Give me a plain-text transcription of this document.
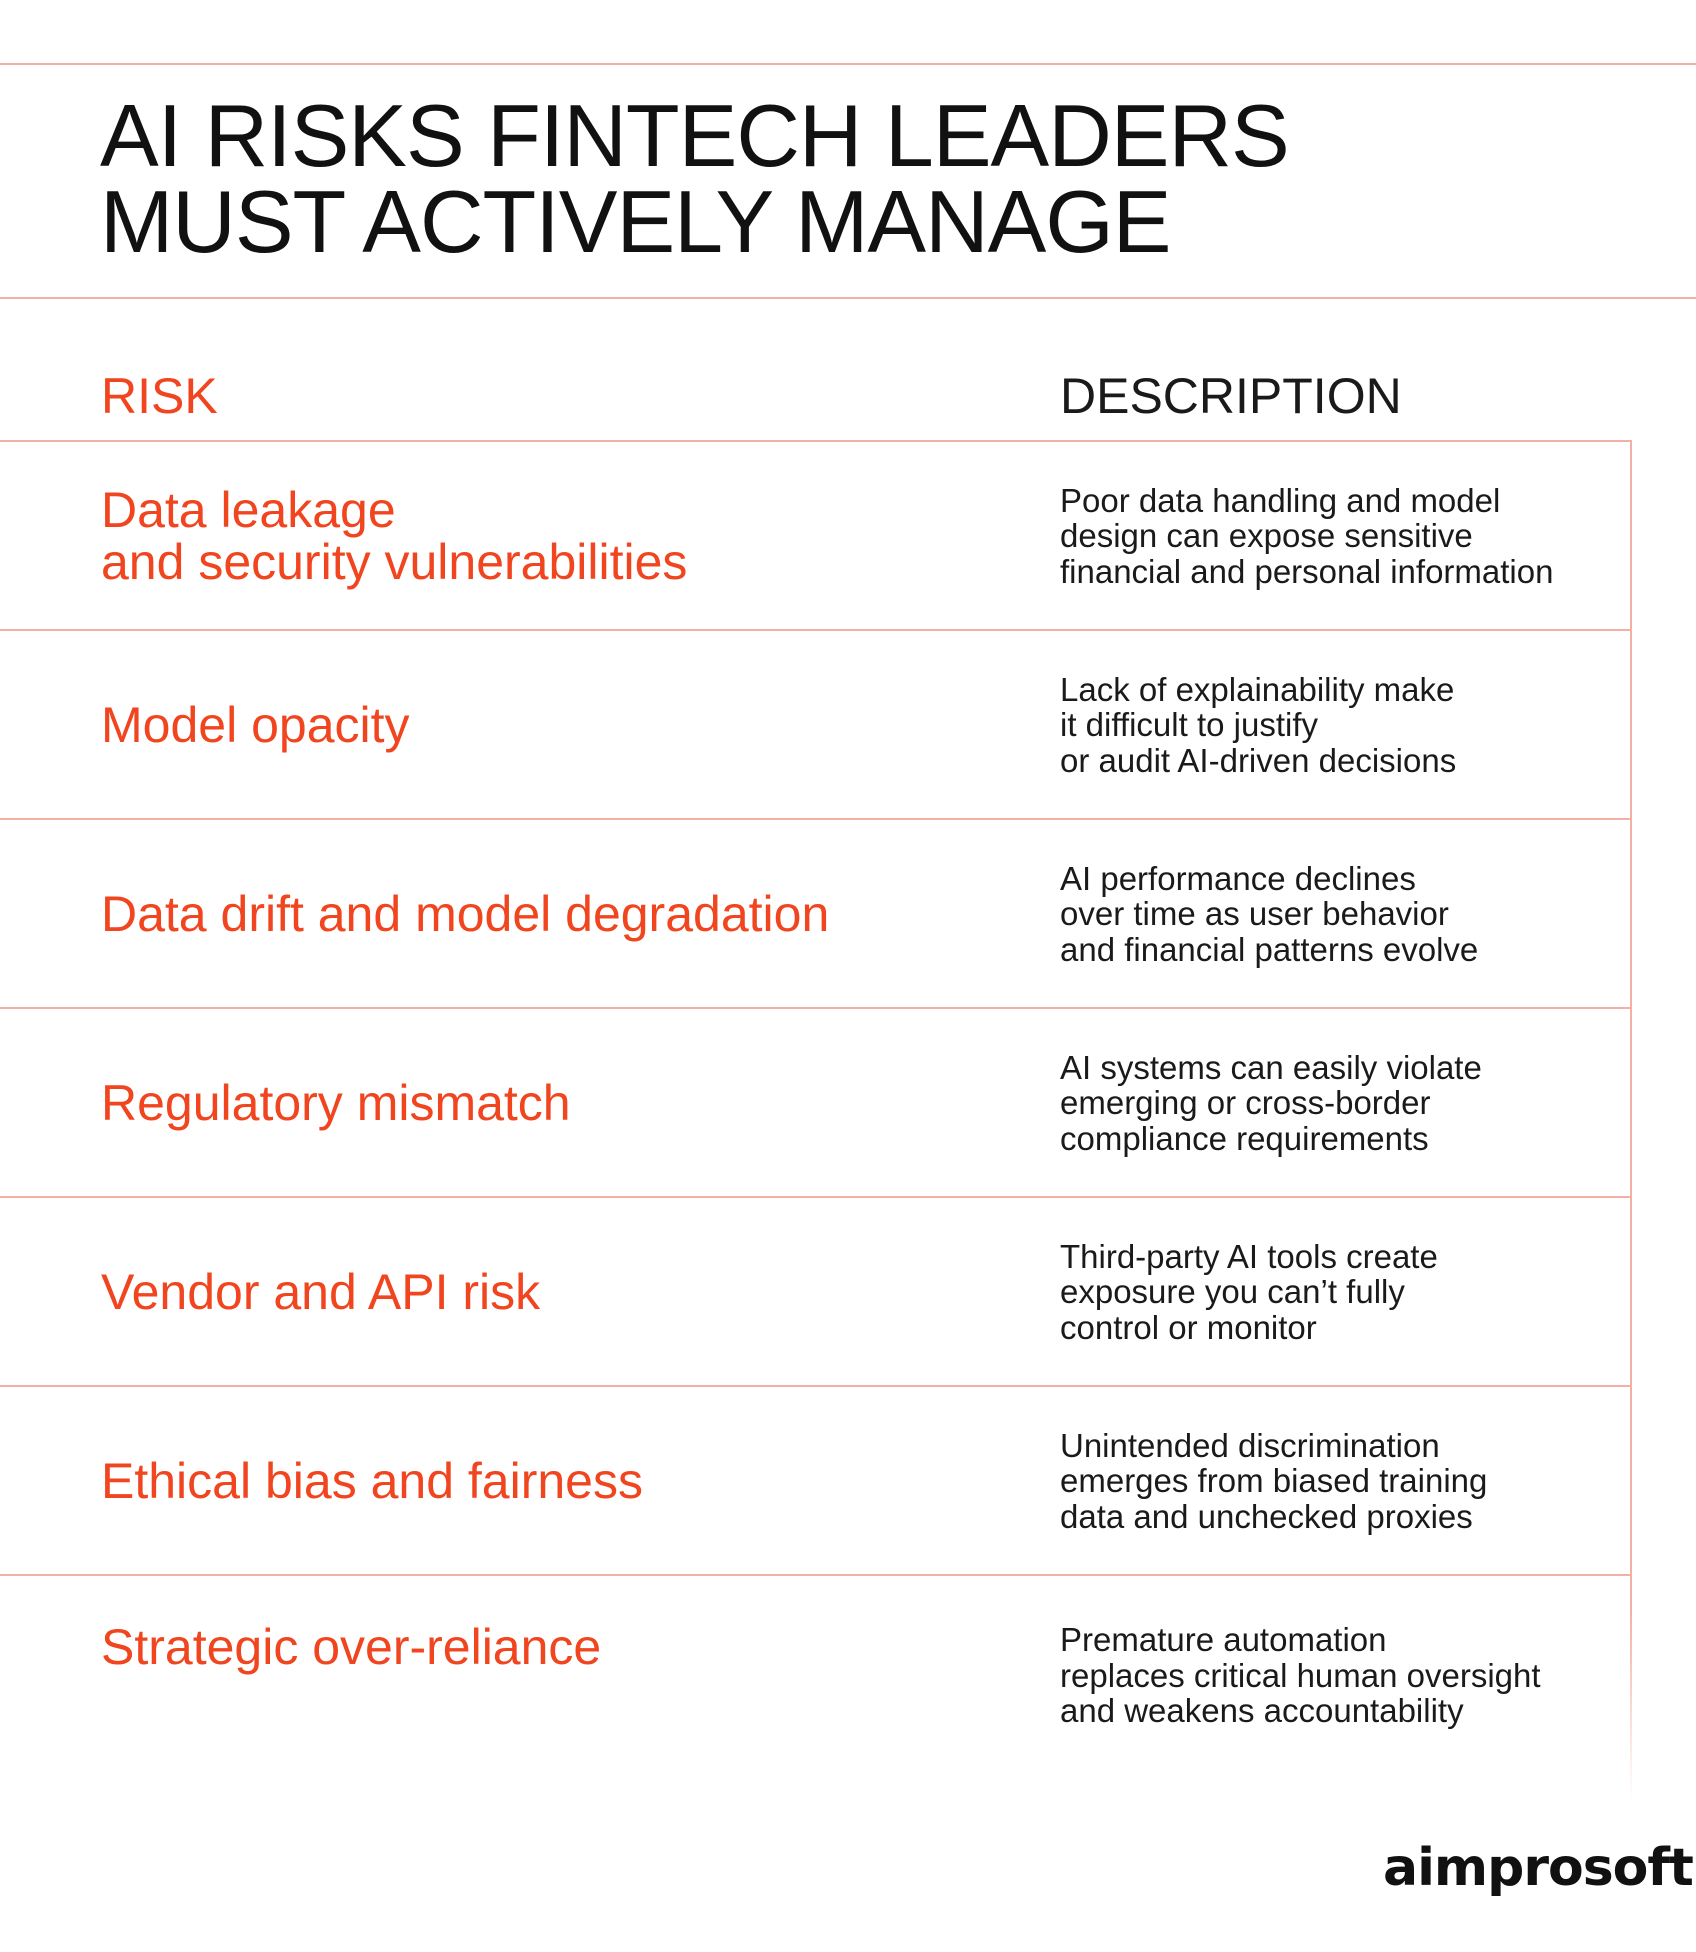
AI RISKS FINTECH LEADERS
MUST ACTIVELY MANAGE
RISK	DESCRIPTION
Data leakage
and security vulnerabilities
Poor data handling and model
design can expose sensitive
financial and personal information
Model opacity
Lack of explainability make
it difficult to justify
or audit AI-driven decisions
Data drift and model degradation
AI performance declines
over time as user behavior
and financial patterns evolve
Regulatory mismatch
AI systems can easily violate
emerging or cross-border
compliance requirements
Vendor and API risk
Third-party AI tools create
exposure you can’t fully
control or monitor
Ethical bias and fairness
Unintended discrimination
emerges from biased training
data and unchecked proxies
Strategic over-reliance	Premature automation
replaces critical human oversight
and weakens accountability
aimprosoft
